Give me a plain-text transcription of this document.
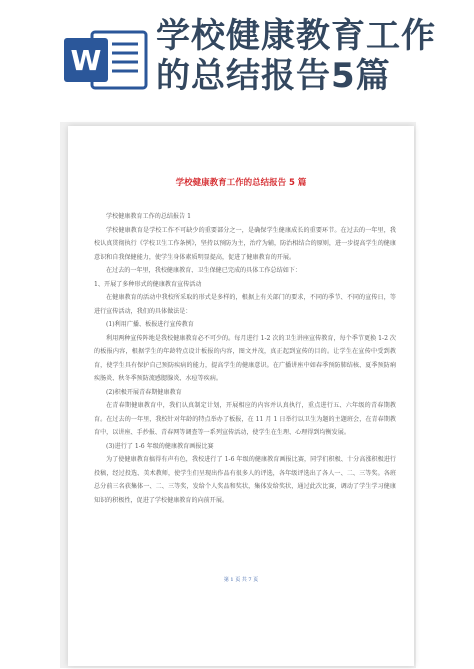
W
学校健康教育工作的总结报告5篇
学校健康教育工作的总结报告 5 篇

学校健康教育工作的总结报告 1

学校健康教育是学校工作不可缺少的重要部分之一，是确保学生健康成长的重要环节。在过去的一年里，我校认真贯彻执行《学校卫生工作条例》，坚持以预防为主，治疗为辅，防治相结合的原则，进一步提高学生的健康意识和自我保健能力，使学生身体素质明显提高，促进了健康教育的开展。

在过去的一年里，我校健康教育、卫生保健已完成的具体工作总结如下：

1、开展了多种形式的健康教育宣传活动

在健康教育的活动中我校所采取的形式是多样的，根据上有关部门的要求，不同的季节、不同的宣传日，等进行宣传活动，我们的具体做法是：

(1)利用广播、板报进行宣传教育

利用两种宣传阵地是我校健康教育必不可少的。每月进行 1-2 次的卫生讲座宣传教育，每个季节更换 1-2 次的板报内容，根据学生的年龄特点设计板报的内容，图文并茂，真正起到宣传的目的。让学生在宣传中受到教育，使学生具有保护自己预防疾病的能力，提高学生的健康意识。在广播讲座中如春季预防肺结核、夏季预防痢疾肠炎、秋冬季预防流感腮腺炎、水痘等疾病。

(2)积极开展青春期健康教育

在青春期健康教育中，我们认真制定计划，开展相应的内容并认真执行，重点进行五、六年级的青春期教育。在过去的一年里，我校针对年龄的特点举办了板报，在 11 月 1 日举行以卫生为题的主题班会，在青春期教育中，以讲座、手抄报、青春网等调查等一系列宣传活动，使学生在生理、心理得到均衡发展。

(3)进行了 1-6 年级的健康教育画报比赛

为了使健康教育搞得有声有色，我校进行了 1-6 年级的健康教育画报比赛，同学们积极、十分高涨积极进行投稿，经过投选、美术教师，使学生们呈现出作品有很多人的评选，各年级评选出了各人一、二、三等奖。各班总分前三名获集体一、二、三等奖，发给个人奖品和奖状，集体发给奖状，通过此次比赛，调动了学生学习健康知识的积极性，促进了学校健康教育的向前开展。

第 1 页 共 7 页
